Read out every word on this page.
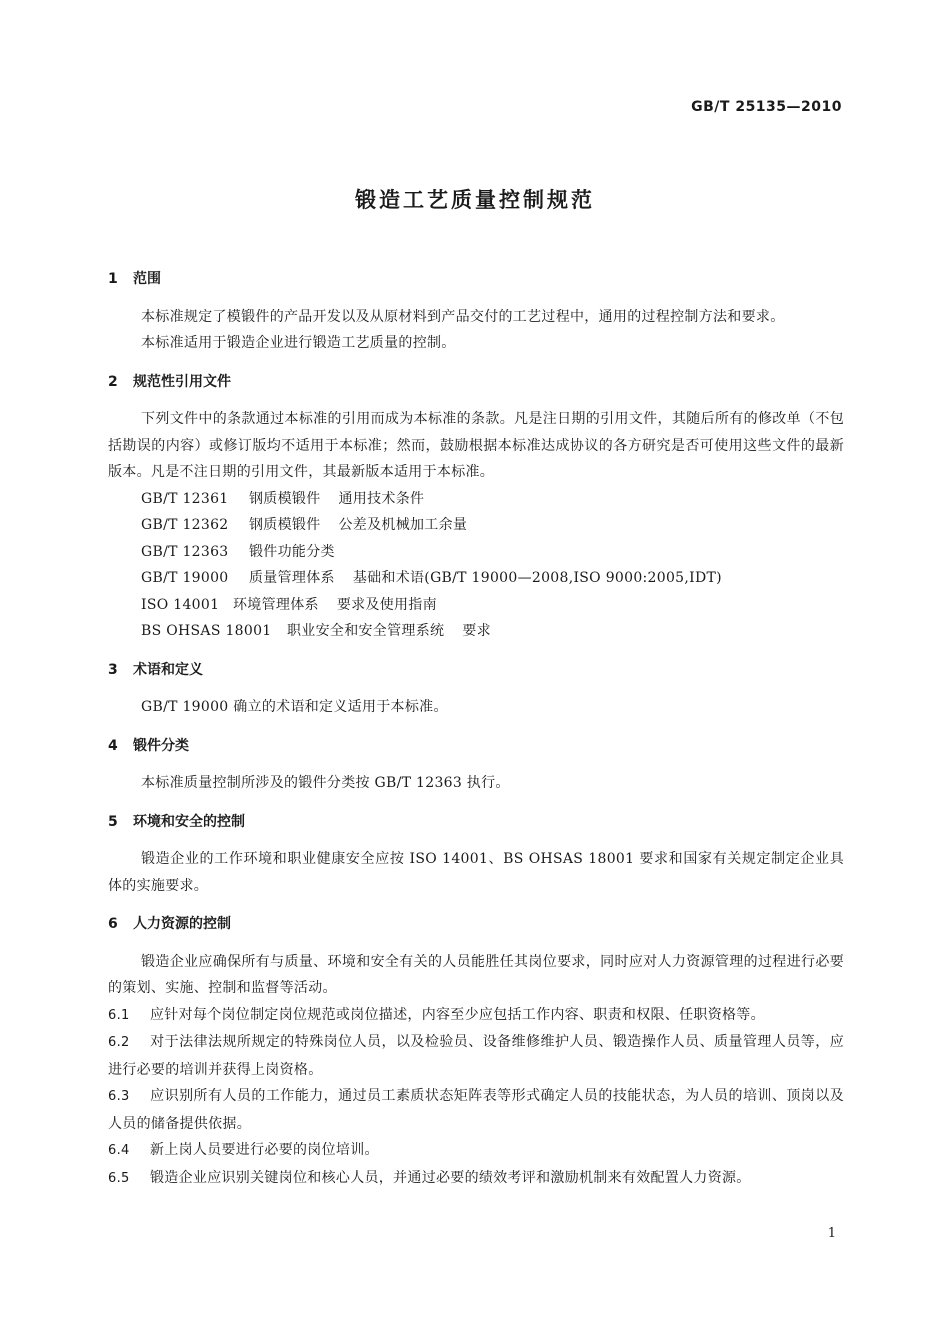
GB/T 25135—2010
锻造工艺质量控制规范
1 范围

本标准规定了模锻件的产品开发以及从原材料到产品交付的工艺过程中，通用的过程控制方法和要求。

本标准适用于锻造企业进行锻造工艺质量的控制。

2 规范性引用文件

下列文件中的条款通过本标准的引用而成为本标准的条款。凡是注日期的引用文件，其随后所有的修改单（不包括勘误的内容）或修订版均不适用于本标准；然而，鼓励根据本标准达成协议的各方研究是否可使用这些文件的最新版本。凡是不注日期的引用文件，其最新版本适用于本标准。

GB/T 12361 钢质模锻件 通用技术条件
GB/T 12362 钢质模锻件 公差及机械加工余量
GB/T 12363 锻件功能分类
GB/T 19000 质量管理体系 基础和术语(GB/T 19000—2008,ISO 9000:2005,IDT)
ISO 14001 环境管理体系 要求及使用指南
BS OHSAS 18001 职业安全和安全管理系统 要求
3 术语和定义

GB/T 19000 确立的术语和定义适用于本标准。

4 锻件分类

本标准质量控制所涉及的锻件分类按 GB/T 12363 执行。

5 环境和安全的控制

锻造企业的工作环境和职业健康安全应按 ISO 14001、BS OHSAS 18001 要求和国家有关规定制定企业具体的实施要求。

6 人力资源的控制

锻造企业应确保所有与质量、环境和安全有关的人员能胜任其岗位要求，同时应对人力资源管理的过程进行必要的策划、实施、控制和监督等活动。

6.1 应针对每个岗位制定岗位规范或岗位描述，内容至少应包括工作内容、职责和权限、任职资格等。

6.2 对于法律法规所规定的特殊岗位人员，以及检验员、设备维修维护人员、锻造操作人员、质量管理人员等，应进行必要的培训并获得上岗资格。

6.3 应识别所有人员的工作能力，通过员工素质状态矩阵表等形式确定人员的技能状态，为人员的培训、顶岗以及人员的储备提供依据。

6.4 新上岗人员要进行必要的岗位培训。

6.5 锻造企业应识别关键岗位和核心人员，并通过必要的绩效考评和激励机制来有效配置人力资源。

1
